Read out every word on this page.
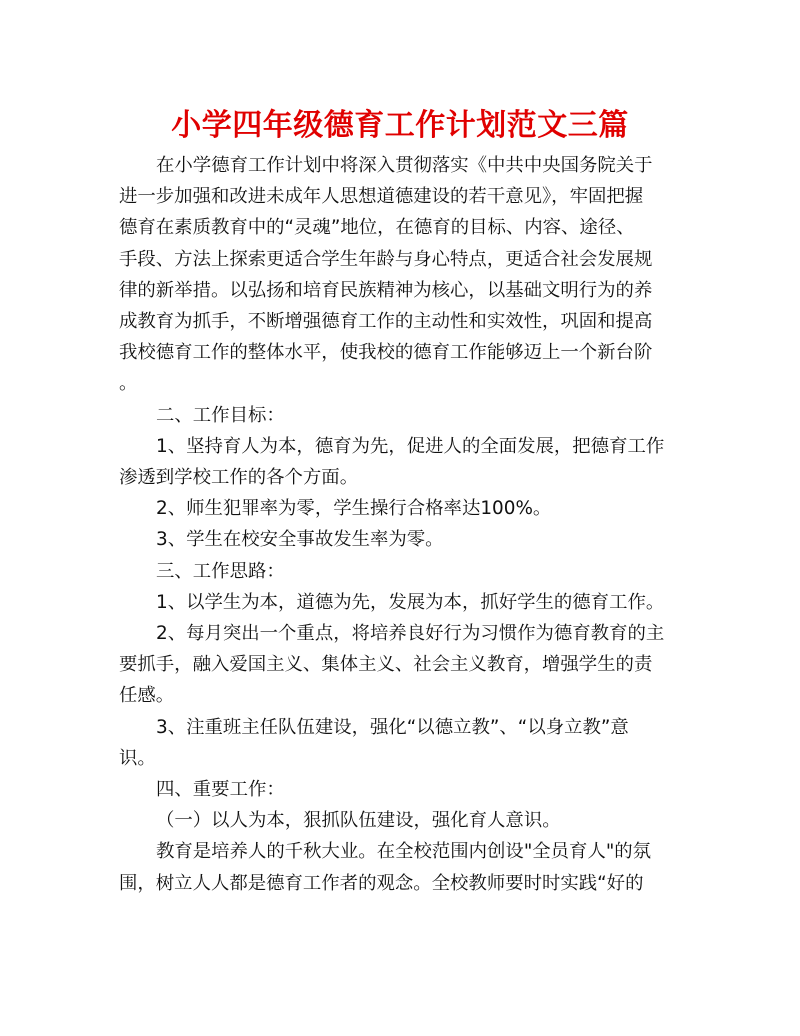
小学四年级德育工作计划范文三篇
在小学德育工作计划中将深入贯彻落实《中共中央国务院关于
进一步加强和改进未成年人思想道德建设的若干意见》，牢固把握
德育在素质教育中的“灵魂”地位，在德育的目标、内容、途径、
手段、方法上探索更适合学生年龄与身心特点，更适合社会发展规
律的新举措。以弘扬和培育民族精神为核心，以基础文明行为的养
成教育为抓手，不断增强德育工作的主动性和实效性，巩固和提高
我校德育工作的整体水平，使我校的德育工作能够迈上一个新台阶
。
二、工作目标：
1、坚持育人为本，德育为先，促进人的全面发展，把德育工作
渗透到学校工作的各个方面。
2、师生犯罪率为零，学生操行合格率达100%。
3、学生在校安全事故发生率为零。
三、工作思路：
1、以学生为本，道德为先，发展为本，抓好学生的德育工作。
2、每月突出一个重点，将培养良好行为习惯作为德育教育的主
要抓手，融入爱国主义、集体主义、社会主义教育，增强学生的责
任感。
3、注重班主任队伍建设，强化“以德立教”、“以身立教”意
识。
四、重要工作：
（一）以人为本，狠抓队伍建设，强化育人意识。
教育是培养人的千秋大业。在全校范围内创设"全员育人"的氛
围，树立人人都是德育工作者的观念。全校教师要时时实践“好的
